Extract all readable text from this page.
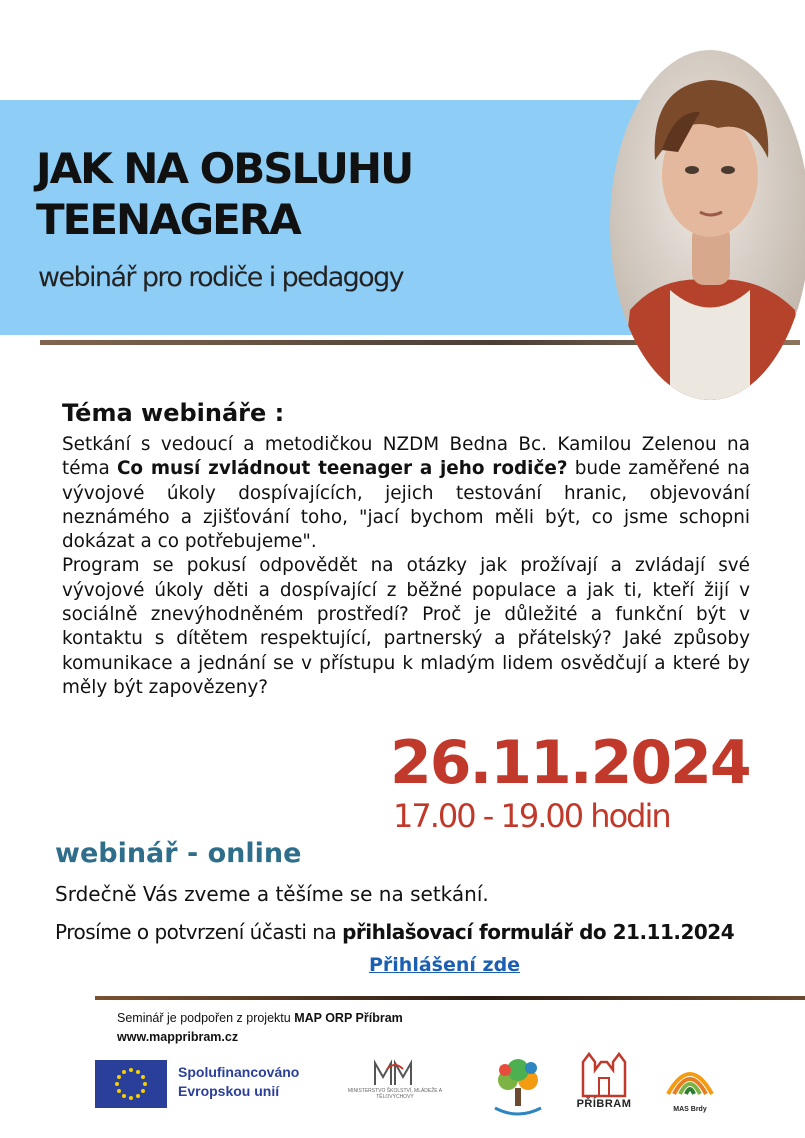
JAK NA OBSLUHU
TEENAGERA
webinář pro rodiče i pedagogy
Téma webináře :

Setkání s vedoucí a metodičkou NZDM Bedna Bc. Kamilou Zelenou na téma Co musí zvládnout teenager a jeho rodiče? bude zaměřené na vývojové úkoly dospívajících, jejich testování hranic, objevování neznámého a zjišťování toho, "jací bychom měli být, co jsme schopni dokázat a co potřebujeme".

Program se pokusí odpovědět na otázky jak prožívají a zvládají své vývojové úkoly děti a dospívající z běžné populace a jak ti, kteří žijí v sociálně znevýhodněném prostředí? Proč je důležité a funkční být v kontaktu s dítětem respektující, partnerský a přátelský? Jaké způsoby komunikace a jednání se v přístupu k mladým lidem osvědčují a které by měly být zapovězeny?

26.11.2024
17.00 - 19.00 hodin
webinář - online
Srdečně Vás zveme a těšíme se na setkání.
Prosíme o potvrzení účasti na přihlašovací formulář do 21.11.2024
Přihlášení zde
Seminář je podpořen z projektu MAP ORP Příbram
www.mappribram.cz
Spolufinancováno
Evropskou unií	MINISTERSTVO ŠKOLSTVÍ, MLÁDEŽE A TĚLOVÝCHOVY
PŘÍBRAM	MAS Brdy
